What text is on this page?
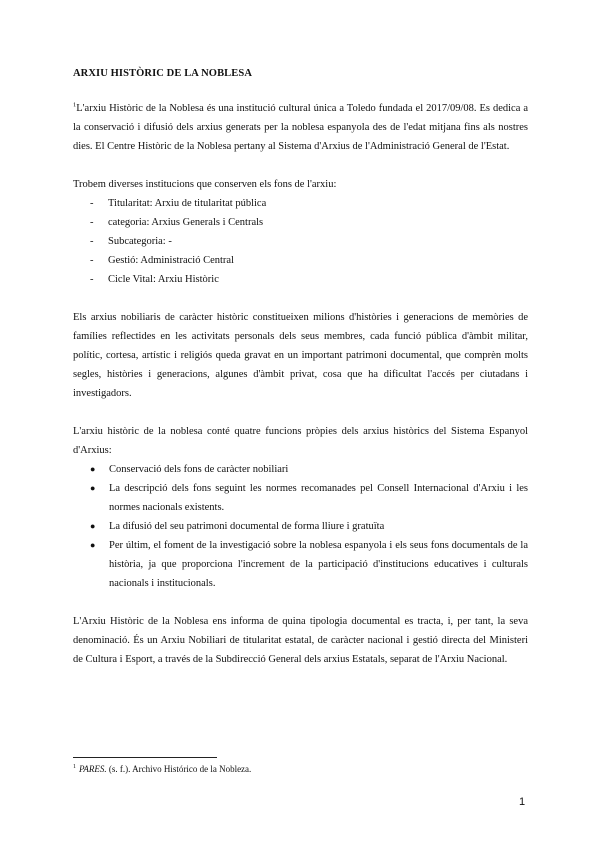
ARXIU HISTÒRIC DE LA NOBLESA

$^1$L'arxiu Històric de la Noblesa és una institució cultural única a Toledo fundada el 2017/09/08. Es dedica a la conservació i difusió dels arxius generats per la noblesa espanyola des de l'edat mitjana fins als nostres dies. El Centre Històric de la Noblesa pertany al Sistema d'Arxius de l'Administració General de l'Estat.

Trobem diverses institucions que conserven els fons de l'arxiu:

- Titularitat: Arxiu de titularitat pública
- categoria: Arxius Generals i Centrals
- Subcategoria: -
- Gestió: Administració Central
- Cicle Vital: Arxiu Històric

Els arxius nobiliaris de caràcter històric constitueixen milions d'històries i generacions de memòries de famílies reflectides en les activitats personals dels seus membres, cada funció pública d'àmbit militar, polític, cortesa, artístic i religiós queda gravat en un important patrimoni documental, que comprèn molts segles, històries i generacions, algunes d'àmbit privat, cosa que ha dificultat l'accés per ciutadans i investigadors.

L'arxiu històric de la noblesa conté quatre funcions pròpies dels arxius històrics del Sistema Espanyol d'Arxius:

● Conservació dels fons de caràcter nobiliari
● La descripció dels fons seguint les normes recomanades pel Consell Internacional d'Arxiu i les normes nacionals existents.
● La difusió del seu patrimoni documental de forma lliure i gratuïta
● Per últim, el foment de la investigació sobre la noblesa espanyola i els seus fons documentals de la història, ja que proporciona l'increment de la participació d'institucions educatives i culturals nacionals i institucionals.

L'Arxiu Històric de la Noblesa ens informa de quina tipologia documental es tracta, i, per tant, la seva denominació. És un Arxiu Nobiliari de titularitat estatal, de caràcter nacional i gestió directa del Ministeri de Cultura i Esport, a través de la Subdirecció General dels arxius Estatals, separat de l'Arxiu Nacional.

$^1$ PARES. (s. f.). Archivo Histórico de la Nobleza.
1
